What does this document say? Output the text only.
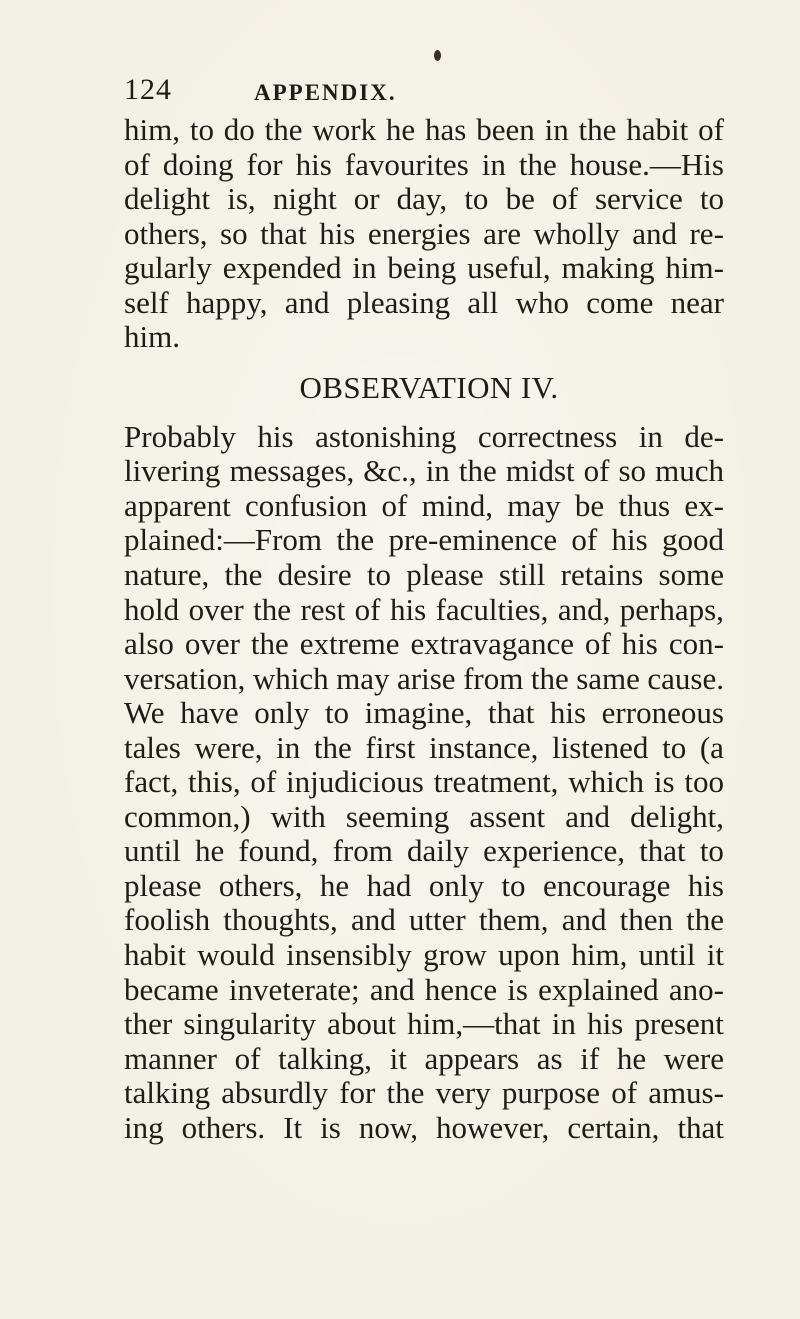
124	APPENDIX.
him, to do the work he has been in the habit of
of doing for his favourites in the house.—His
delight is, night or day, to be of service to
others, so that his energies are wholly and re-
gularly expended in being useful, making him-
self happy, and pleasing all who come near
him.
OBSERVATION IV.
Probably his astonishing correctness in de-
livering messages, &c., in the midst of so much
apparent confusion of mind, may be thus ex-
plained:—From the pre-eminence of his good
nature, the desire to please still retains some
hold over the rest of his faculties, and, perhaps,
also over the extreme extravagance of his con-
versation, which may arise from the same cause.
We have only to imagine, that his erroneous
tales were, in the first instance, listened to (a
fact, this, of injudicious treatment, which is too
common,) with seeming assent and delight,
until he found, from daily experience, that to
please others, he had only to encourage his
foolish thoughts, and utter them, and then the
habit would insensibly grow upon him, until it
became inveterate; and hence is explained ano-
ther singularity about him,—that in his present
manner of talking, it appears as if he were
talking absurdly for the very purpose of amus-
ing others. It is now, however, certain, that
